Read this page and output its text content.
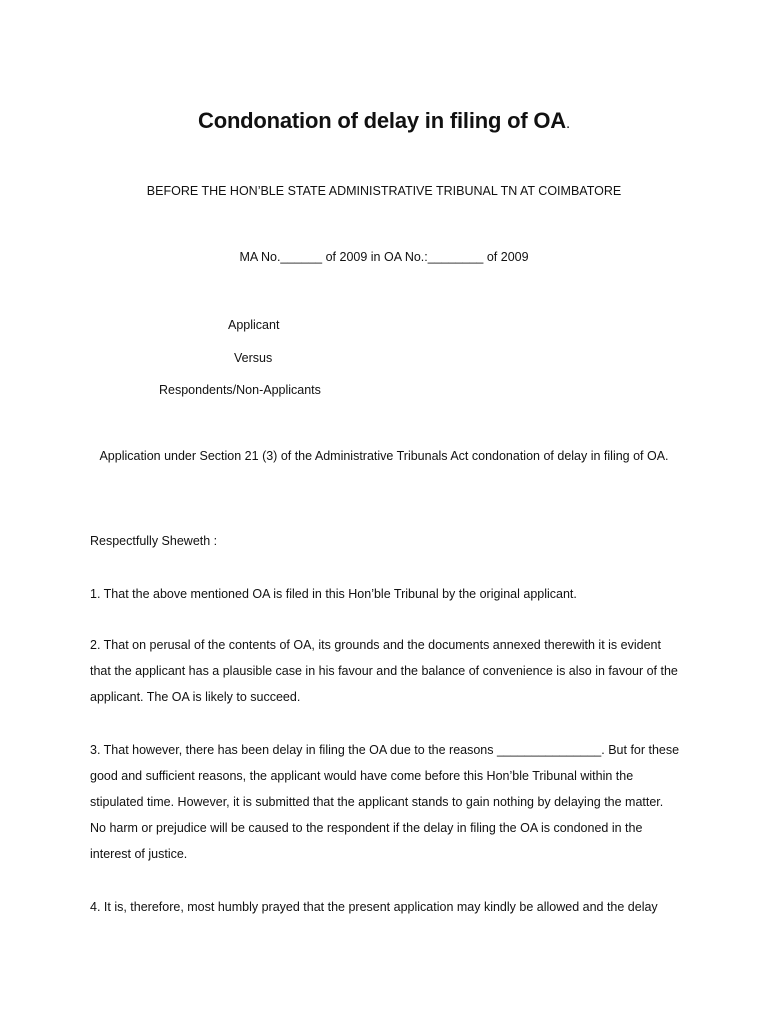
Condonation of delay in filing of OA.
BEFORE THE HON’BLE STATE ADMINISTRATIVE TRIBUNAL TN AT COIMBATORE
MA No.______ of 2009 in OA No.:________ of 2009
Applicant
Versus
Respondents/Non-Applicants
Application under Section 21 (3) of the Administrative Tribunals Act condonation of delay in filing of OA.
Respectfully Sheweth :
1. That the above mentioned OA is filed in this Hon’ble Tribunal by the original applicant.
2. That on perusal of the contents of OA, its grounds and the documents annexed therewith it is evident that the applicant has a plausible case in his favour and the balance of convenience is also in favour of the applicant. The OA is likely to succeed.
3. That however, there has been delay in filing the OA due to the reasons _______________. But for these good and sufficient reasons, the applicant would have come before this Hon’ble Tribunal within the stipulated time. However, it is submitted that the applicant stands to gain nothing by delaying the matter. No harm or prejudice will be caused to the respondent if the delay in filing the OA is condoned in the interest of justice.
4. It is, therefore, most humbly prayed that the present application may kindly be allowed and the delay
